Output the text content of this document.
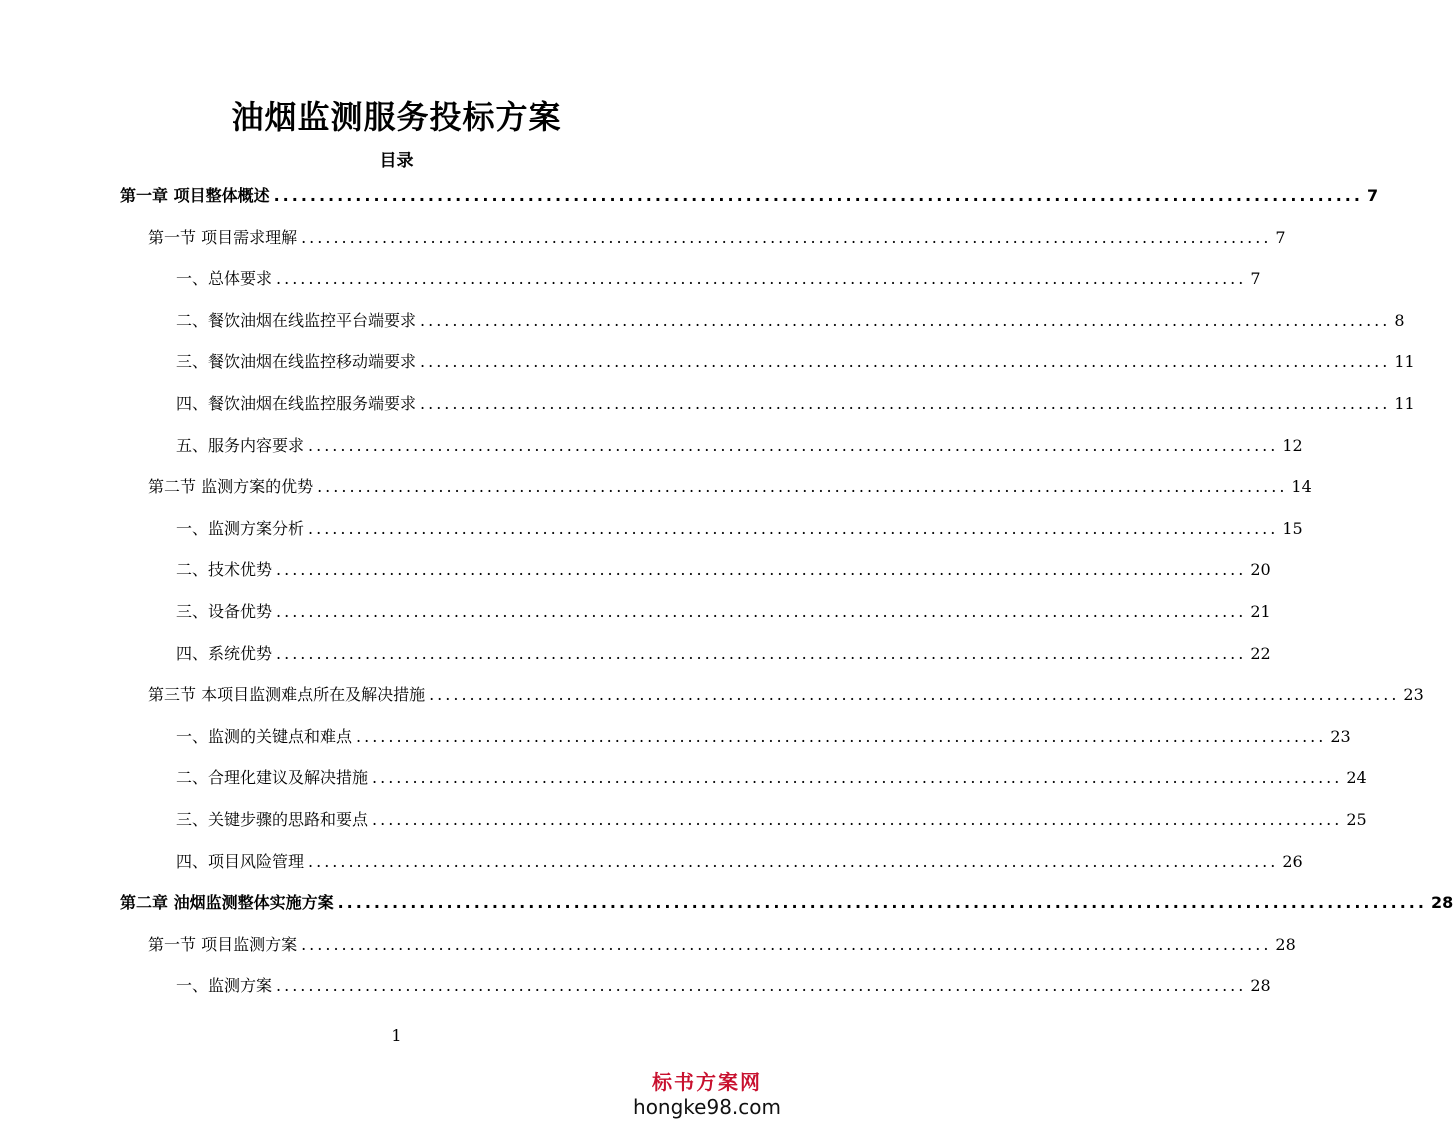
油烟监测服务投标方案
目录
第一章 项目整体概述 ........................................................................................................................ 7
第一节 项目需求理解 ........................................................................................................................ 7
一、总体要求 ........................................................................................................................ 7
二、餐饮油烟在线监控平台端要求 ........................................................................................................................ 8
三、餐饮油烟在线监控移动端要求 ........................................................................................................................ 11
四、餐饮油烟在线监控服务端要求 ........................................................................................................................ 11
五、服务内容要求 ........................................................................................................................ 12
第二节 监测方案的优势 ........................................................................................................................ 14
一、监测方案分析 ........................................................................................................................ 15
二、技术优势 ........................................................................................................................ 20
三、设备优势 ........................................................................................................................ 21
四、系统优势 ........................................................................................................................ 22
第三节 本项目监测难点所在及解决措施 ........................................................................................................................ 23
一、监测的关键点和难点 ........................................................................................................................ 23
二、合理化建议及解决措施 ........................................................................................................................ 24
三、关键步骤的思路和要点 ........................................................................................................................ 25
四、项目风险管理 ........................................................................................................................ 26
第二章 油烟监测整体实施方案 ........................................................................................................................ 28
第一节 项目监测方案 ........................................................................................................................ 28
一、监测方案 ........................................................................................................................ 28
1
标书方案网
hongke98.com
